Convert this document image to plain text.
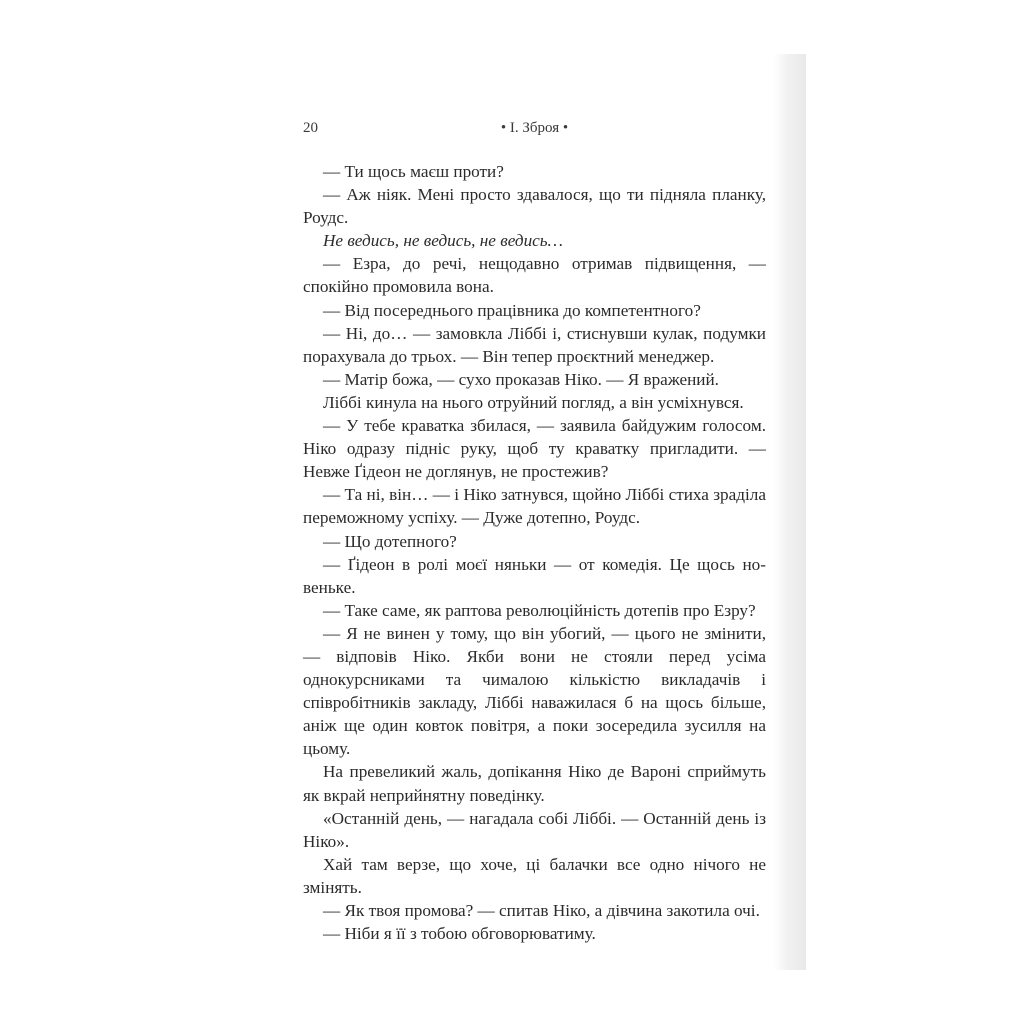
20	• I. Зброя •

— Ти щось маєш проти?

— Аж ніяк. Мені просто здавалося, що ти підняла планку, Роудс.

Не ведись, не ведись, не ведись…

— Езра, до речі, нещодавно отримав підвищення, — спокійно промовила вона.

— Від посереднього працівника до компетентного?

— Ні, до… — замовкла Ліббі і, стиснувши кулак, подумки порахувала до трьох. — Він тепер проєктний менеджер.

— Матір божа, — сухо проказав Ніко. — Я вражений.

Ліббі кинула на нього отруйний погляд, а він усміхнувся.

— У тебе краватка збилася, — заявила байдужим голосом. Ніко одразу підніс руку, щоб ту краватку пригладити. — Невже Ґідеон не доглянув, не простежив?

— Та ні, він… — і Ніко затнувся, щойно Ліббі стиха зраділа переможному успіху. — Дуже дотепно, Роудс.

— Що дотепного?

— Ґідеон в ролі моєї няньки — от комедія. Це щось новеньке.

— Таке саме, як раптова революційність дотепів про Езру?

— Я не винен у тому, що він убогий, — цього не змінити, — відповів Ніко. Якби вони не стояли перед усіма однокурсниками та чималою кількістю викладачів і співробітників закладу, Ліббі наважилася б на щось більше, аніж ще один ковток повітря, а поки зосередила зусилля на цьому.

На превеликий жаль, допікання Ніко де Вароні сприймуть як вкрай неприйнятну поведінку.

«Останній день, — нагадала собі Ліббі. — Останній день із Ніко».

Хай там верзе, що хоче, ці балачки все одно нічого не змінять.

— Як твоя промова? — спитав Ніко, а дівчина закотила очі.

— Ніби я її з тобою обговорюватиму.
